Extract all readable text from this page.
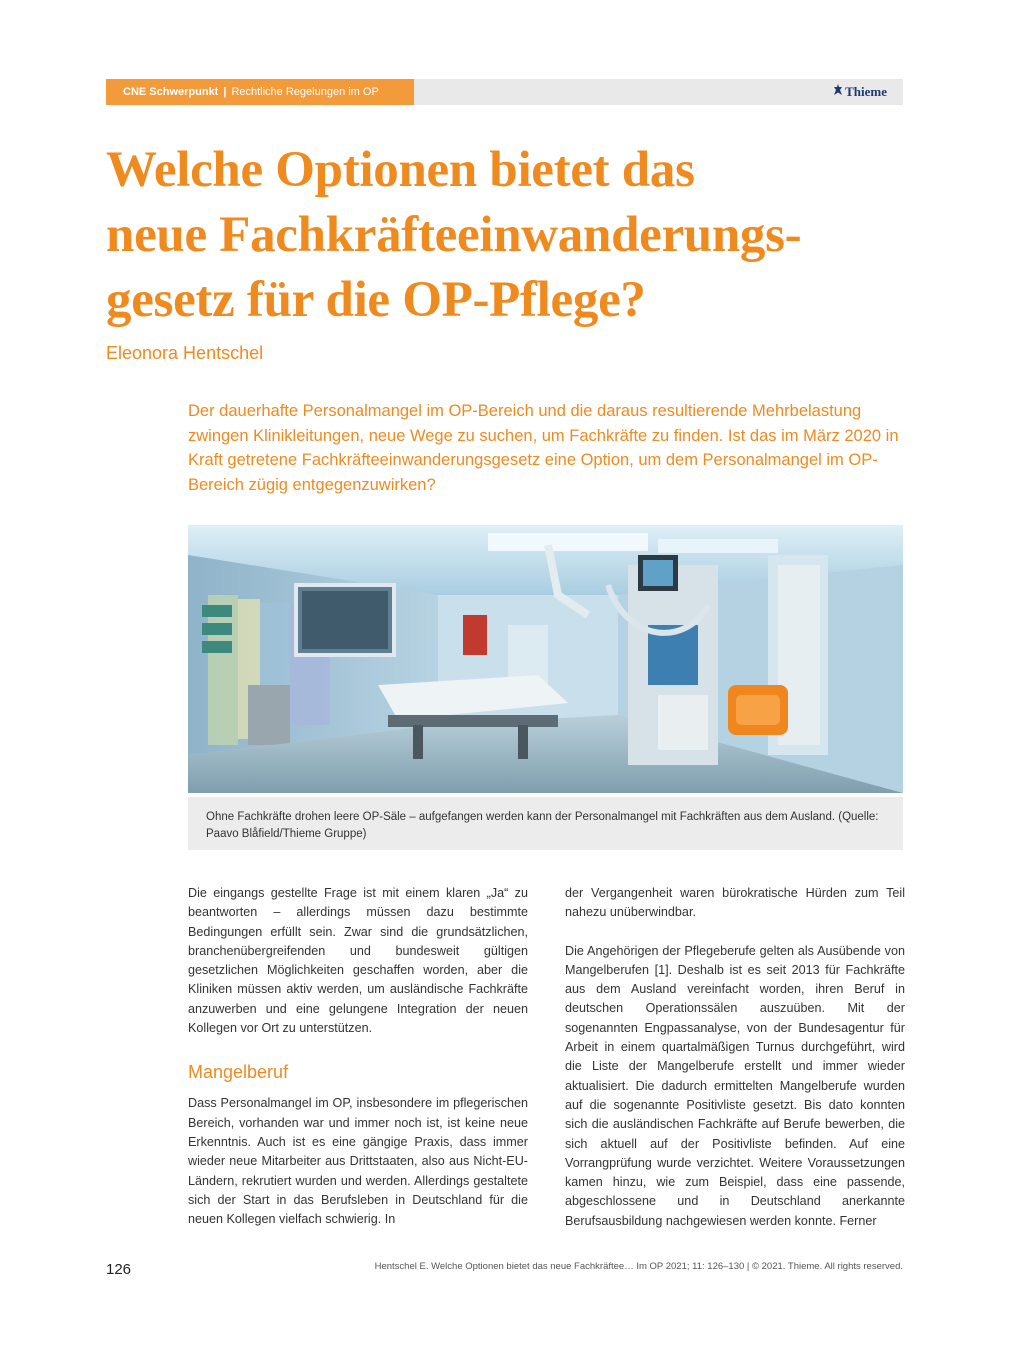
CNE Schwerpunkt | Rechtliche Regelungen im OP	Thieme
Welche Optionen bietet das
neue Fachkräfteeinwanderungs-
gesetz für die OP-Pflege?
Eleonora Hentschel

Der dauerhafte Personalmangel im OP-Bereich und die daraus resultierende Mehrbelastung zwingen Klinikleitungen, neue Wege zu suchen, um Fachkräfte zu finden. Ist das im März 2020 in Kraft getretene Fachkräfteeinwanderungsgesetz eine Option, um dem Personalmangel im OP-Bereich zügig entgegenzuwirken?

Ohne Fachkräfte drohen leere OP-Säle – aufgefangen werden kann der Personalmangel mit Fachkräften aus dem Ausland. (Quelle: Paavo Blåfield/Thieme Gruppe)

Die eingangs gestellte Frage ist mit einem klaren „Ja“ zu beantworten – allerdings müssen dazu bestimmte Bedingungen erfüllt sein. Zwar sind die grundsätzlichen, branchenübergreifenden und bundesweit gültigen gesetzlichen Möglichkeiten geschaffen worden, aber die Kliniken müssen aktiv werden, um ausländische Fachkräfte anzuwerben und eine gelungene Integration der neuen Kollegen vor Ort zu unterstützen.

Mangelberuf

Dass Personalmangel im OP, insbesondere im pflegerischen Bereich, vorhanden war und immer noch ist, ist keine neue Erkenntnis. Auch ist es eine gängige Praxis, dass immer wieder neue Mitarbeiter aus Drittstaaten, also aus Nicht-EU-Ländern, rekrutiert wurden und werden. Allerdings gestaltete sich der Start in das Berufsleben in Deutschland für die neuen Kollegen vielfach schwierig. In

der Vergangenheit waren bürokratische Hürden zum Teil nahezu unüberwindbar.

Die Angehörigen der Pflegeberufe gelten als Ausübende von Mangelberufen [1]. Deshalb ist es seit 2013 für Fachkräfte aus dem Ausland vereinfacht worden, ihren Beruf in deutschen Operationssälen auszuüben. Mit der sogenannten Engpassanalyse, von der Bundesagentur für Arbeit in einem quartalmäßigen Turnus durchgeführt, wird die Liste der Mangelberufe erstellt und immer wieder aktualisiert. Die dadurch ermittelten Mangelberufe wurden auf die sogenannte Positivliste gesetzt. Bis dato konnten sich die ausländischen Fachkräfte auf Berufe bewerben, die sich aktuell auf der Positivliste befinden. Auf eine Vorrangprüfung wurde verzichtet. Weitere Voraussetzungen kamen hinzu, wie zum Beispiel, dass eine passende, abgeschlossene und in Deutschland anerkannte Berufsausbildung nachgewiesen werden konnte. Ferner

126	Hentschel E. Welche Optionen bietet das neue Fachkräftee… Im OP 2021; 11: 126–130 | © 2021. Thieme. All rights reserved.
